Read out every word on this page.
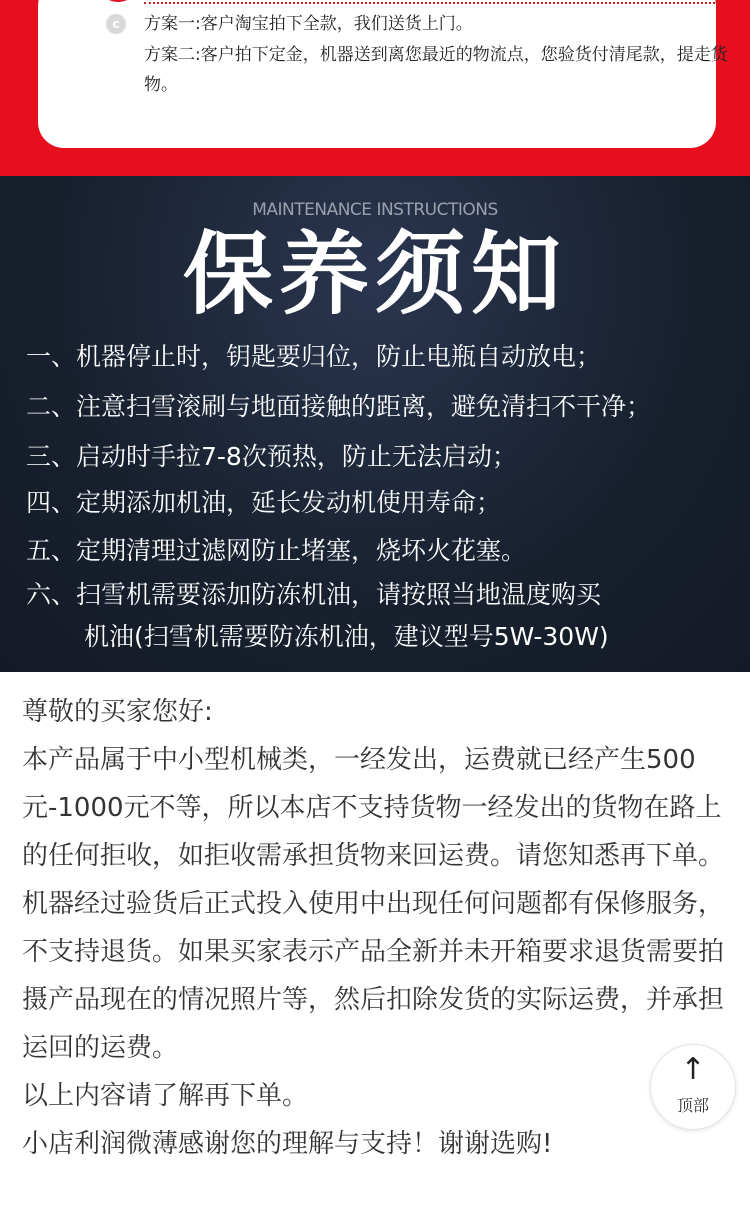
c	方案一:客户淘宝拍下全款，我们送货上门。
方案二:客户拍下定金，机器送到离您最近的物流点，您验货付清尾款，提走货物。
MAINTENANCE INSTRUCTIONS
保养须知
一、机器停止时，钥匙要归位，防止电瓶自动放电；
二、注意扫雪滚刷与地面接触的距离，避免清扫不干净；
三、启动时手拉7-8次预热，防止无法启动；
四、定期添加机油，延长发动机使用寿命；
五、定期清理过滤网防止堵塞，烧坏火花塞。
六、扫雪机需要添加防冻机油，请按照当地温度购买
机油(扫雪机需要防冻机油，建议型号5W-30W)

尊敬的买家您好:

本产品属于中小型机械类，一经发出，运费就已经产生500元-1000元不等，所以本店不支持货物一经发出的货物在路上的任何拒收，如拒收需承担货物来回运费。请您知悉再下单。机器经过验货后正式投入使用中出现任何问题都有保修服务，不支持退货。如果买家表示产品全新并未开箱要求退货需要拍摄产品现在的情况照片等，然后扣除发货的实际运费，并承担运回的运费。

以上内容请了解再下单。

小店利润微薄感谢您的理解与支持！谢谢选购!

↑
顶部
